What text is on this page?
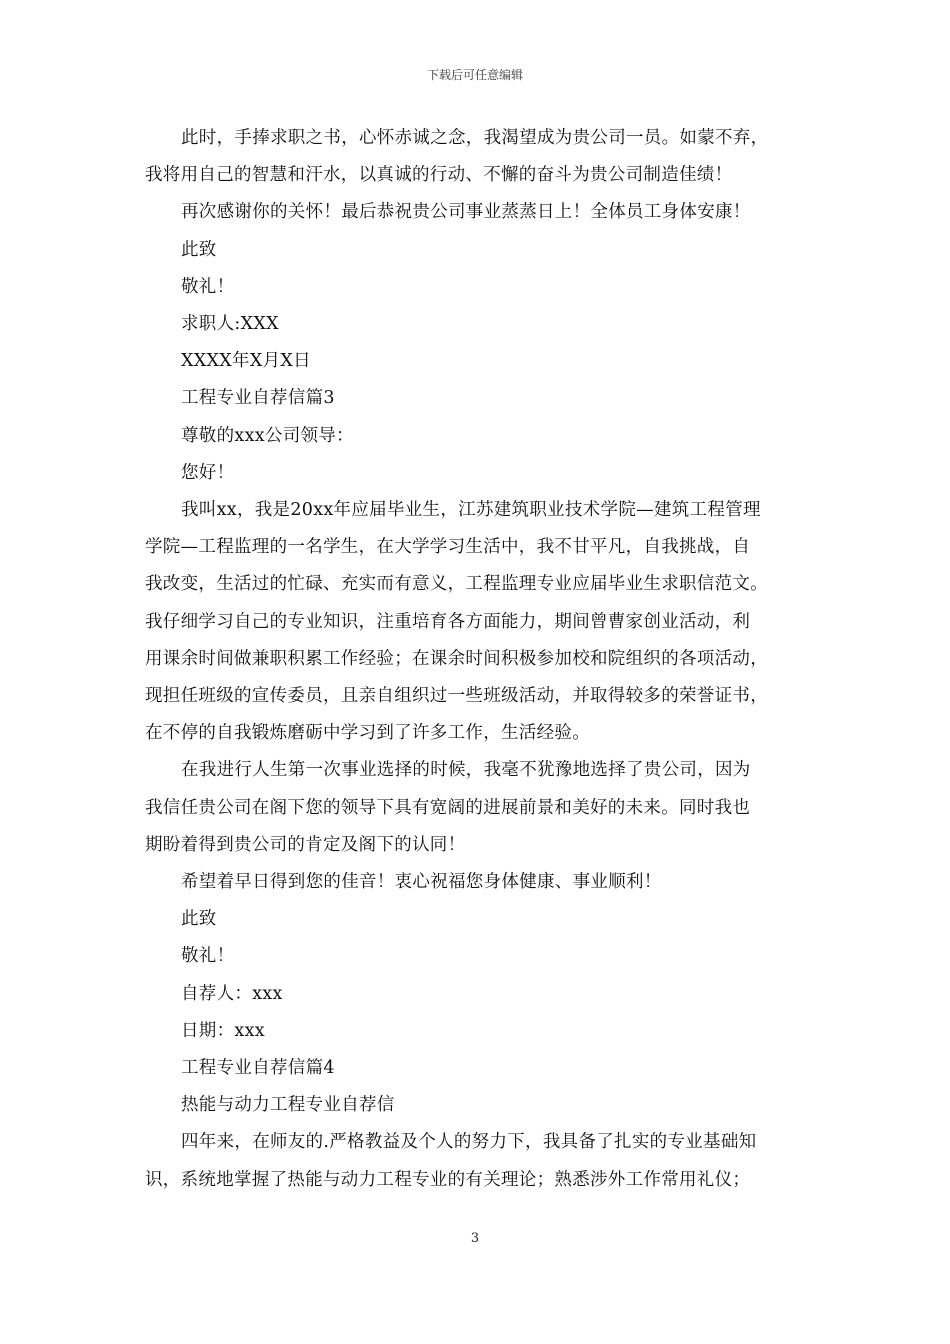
下载后可任意编辑

此时，手捧求职之书，心怀赤诚之念，我渴望成为贵公司一员。如蒙不弃，
我将用自己的智慧和汗水，以真诚的行动、不懈的奋斗为贵公司制造佳绩！

再次感谢你的关怀！最后恭祝贵公司事业蒸蒸日上！全体员工身体安康！

此致

敬礼！

求职人:XXX

XXXX年X月X日

工程专业自荐信篇3

尊敬的xxx公司领导：

您好！

我叫xx，我是20xx年应届毕业生，江苏建筑职业技术学院—建筑工程管理
学院—工程监理的一名学生，在大学学习生活中，我不甘平凡，自我挑战，自
我改变，生活过的忙碌、充实而有意义，工程监理专业应届毕业生求职信范文。
我仔细学习自己的专业知识，注重培育各方面能力，期间曾曹家创业活动，利
用课余时间做兼职积累工作经验；在课余时间积极参加校和院组织的各项活动，
现担任班级的宣传委员，且亲自组织过一些班级活动，并取得较多的荣誉证书，
在不停的自我锻炼磨砺中学习到了许多工作，生活经验。

在我进行人生第一次事业选择的时候，我毫不犹豫地选择了贵公司，因为
我信任贵公司在阁下您的领导下具有宽阔的进展前景和美好的未来。同时我也
期盼着得到贵公司的肯定及阁下的认同！

希望着早日得到您的佳音！衷心祝福您身体健康、事业顺利！

此致

敬礼！

自荐人：xxx

日期：xxx

工程专业自荐信篇4

热能与动力工程专业自荐信

四年来，在师友的.严格教益及个人的努力下，我具备了扎实的专业基础知
识，系统地掌握了热能与动力工程专业的有关理论；熟悉涉外工作常用礼仪；

3
